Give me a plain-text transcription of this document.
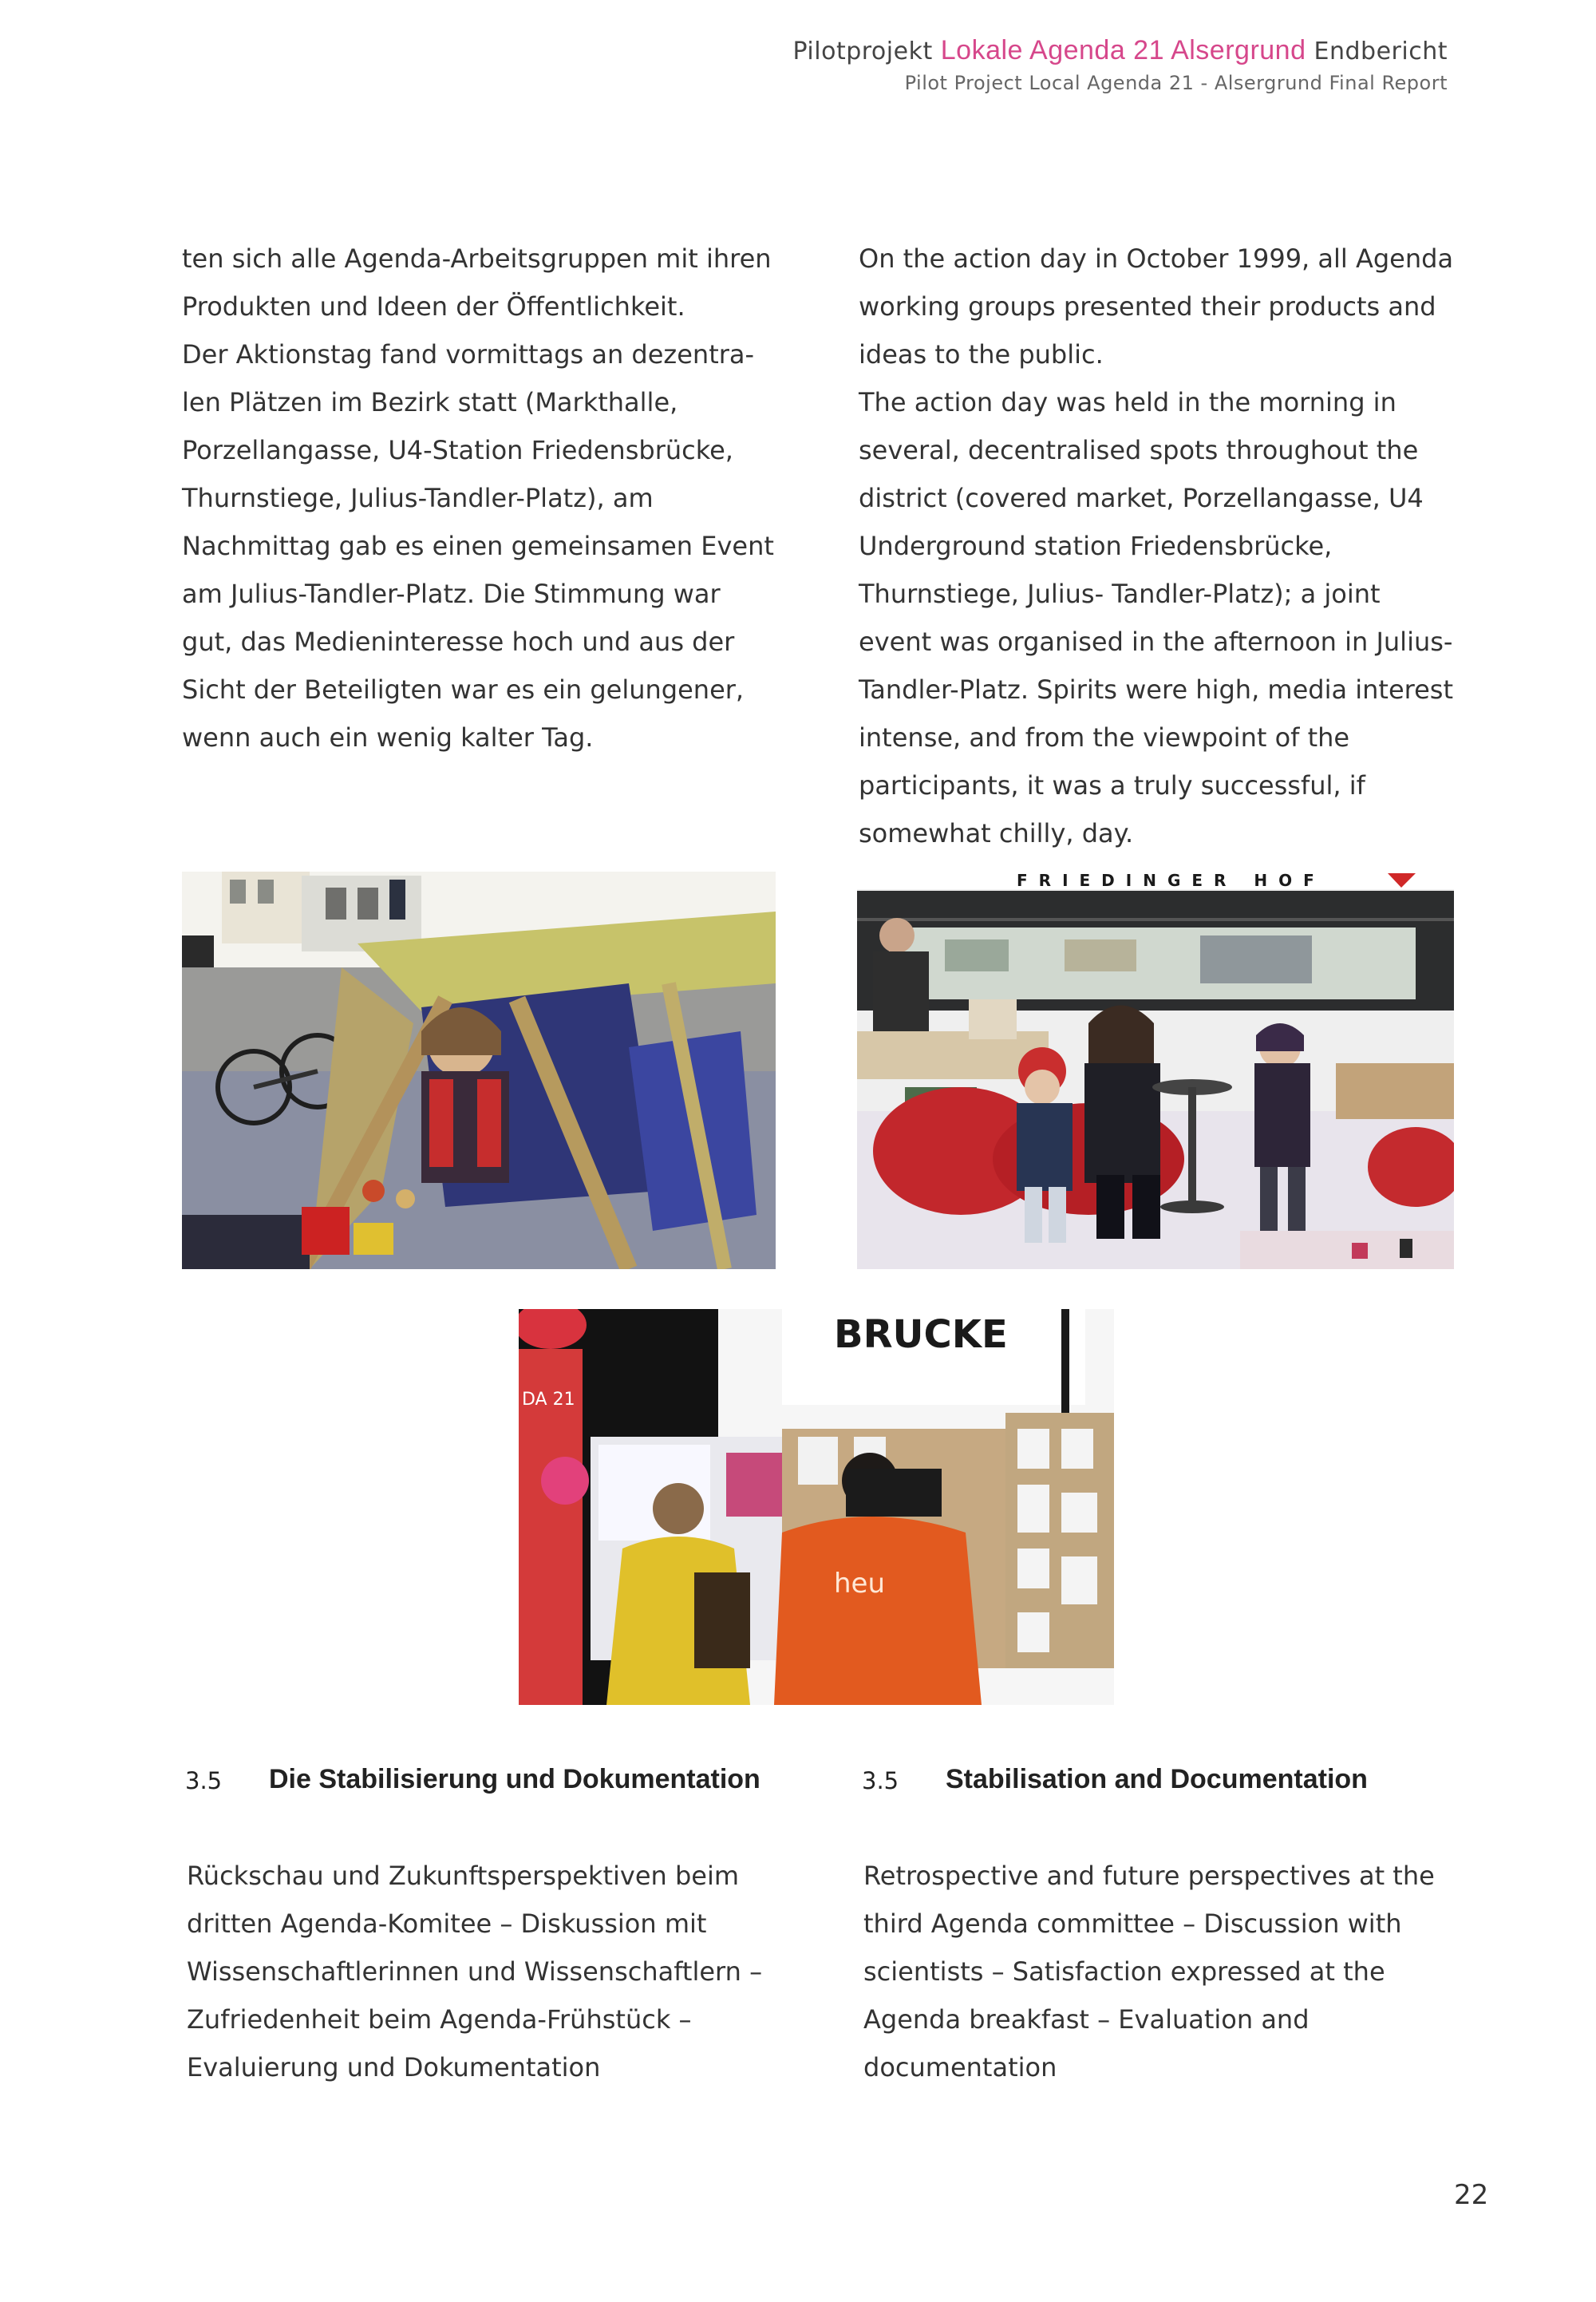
Pilotprojekt Lokale Agenda 21 Alsergrund Endbericht
Pilot Project Local Agenda 21 - Alsergrund Final Report

ten sich alle Agenda-Arbeitsgruppen mit ihren

Produkten und Ideen der Öffentlichkeit.

Der Aktionstag fand vormittags an dezentra-

len Plätzen im Bezirk statt (Markthalle,

Porzellangasse, U4-Station Friedensbrücke,

Thurnstiege, Julius-Tandler-Platz), am

Nachmittag gab es einen gemeinsamen Event

am Julius-Tandler-Platz. Die Stimmung war

gut, das Medieninteresse hoch und aus der

Sicht der Beteiligten war es ein gelungener,

wenn auch ein wenig kalter Tag.

On the action day in October 1999, all Agenda

working groups presented their products and

ideas to the public.

The action day was held in the morning in

several, decentralised spots throughout the

district (covered market, Porzellangasse, U4

Underground station Friedensbrücke,

Thurnstiege, Julius- Tandler-Platz); a joint

event was organised in the afternoon in Julius-

Tandler-Platz. Spirits were high, media interest

intense, and from the viewpoint of the

participants, it was a truly successful, if

somewhat chilly, day.

FRIEDINGER HOF
DA 21
BRUCKE
heu
3.5 Die Stabilisierung und Dokumentation	3.5 Stabilisation and Documentation

Rückschau und Zukunftsperspektiven beim

dritten Agenda-Komitee – Diskussion mit

Wissenschaftlerinnen und Wissenschaftlern –

Zufriedenheit beim Agenda-Frühstück –

Evaluierung und Dokumentation

Retrospective and future perspectives at the

third Agenda committee – Discussion with

scientists – Satisfaction expressed at the

Agenda breakfast – Evaluation and

documentation

22
